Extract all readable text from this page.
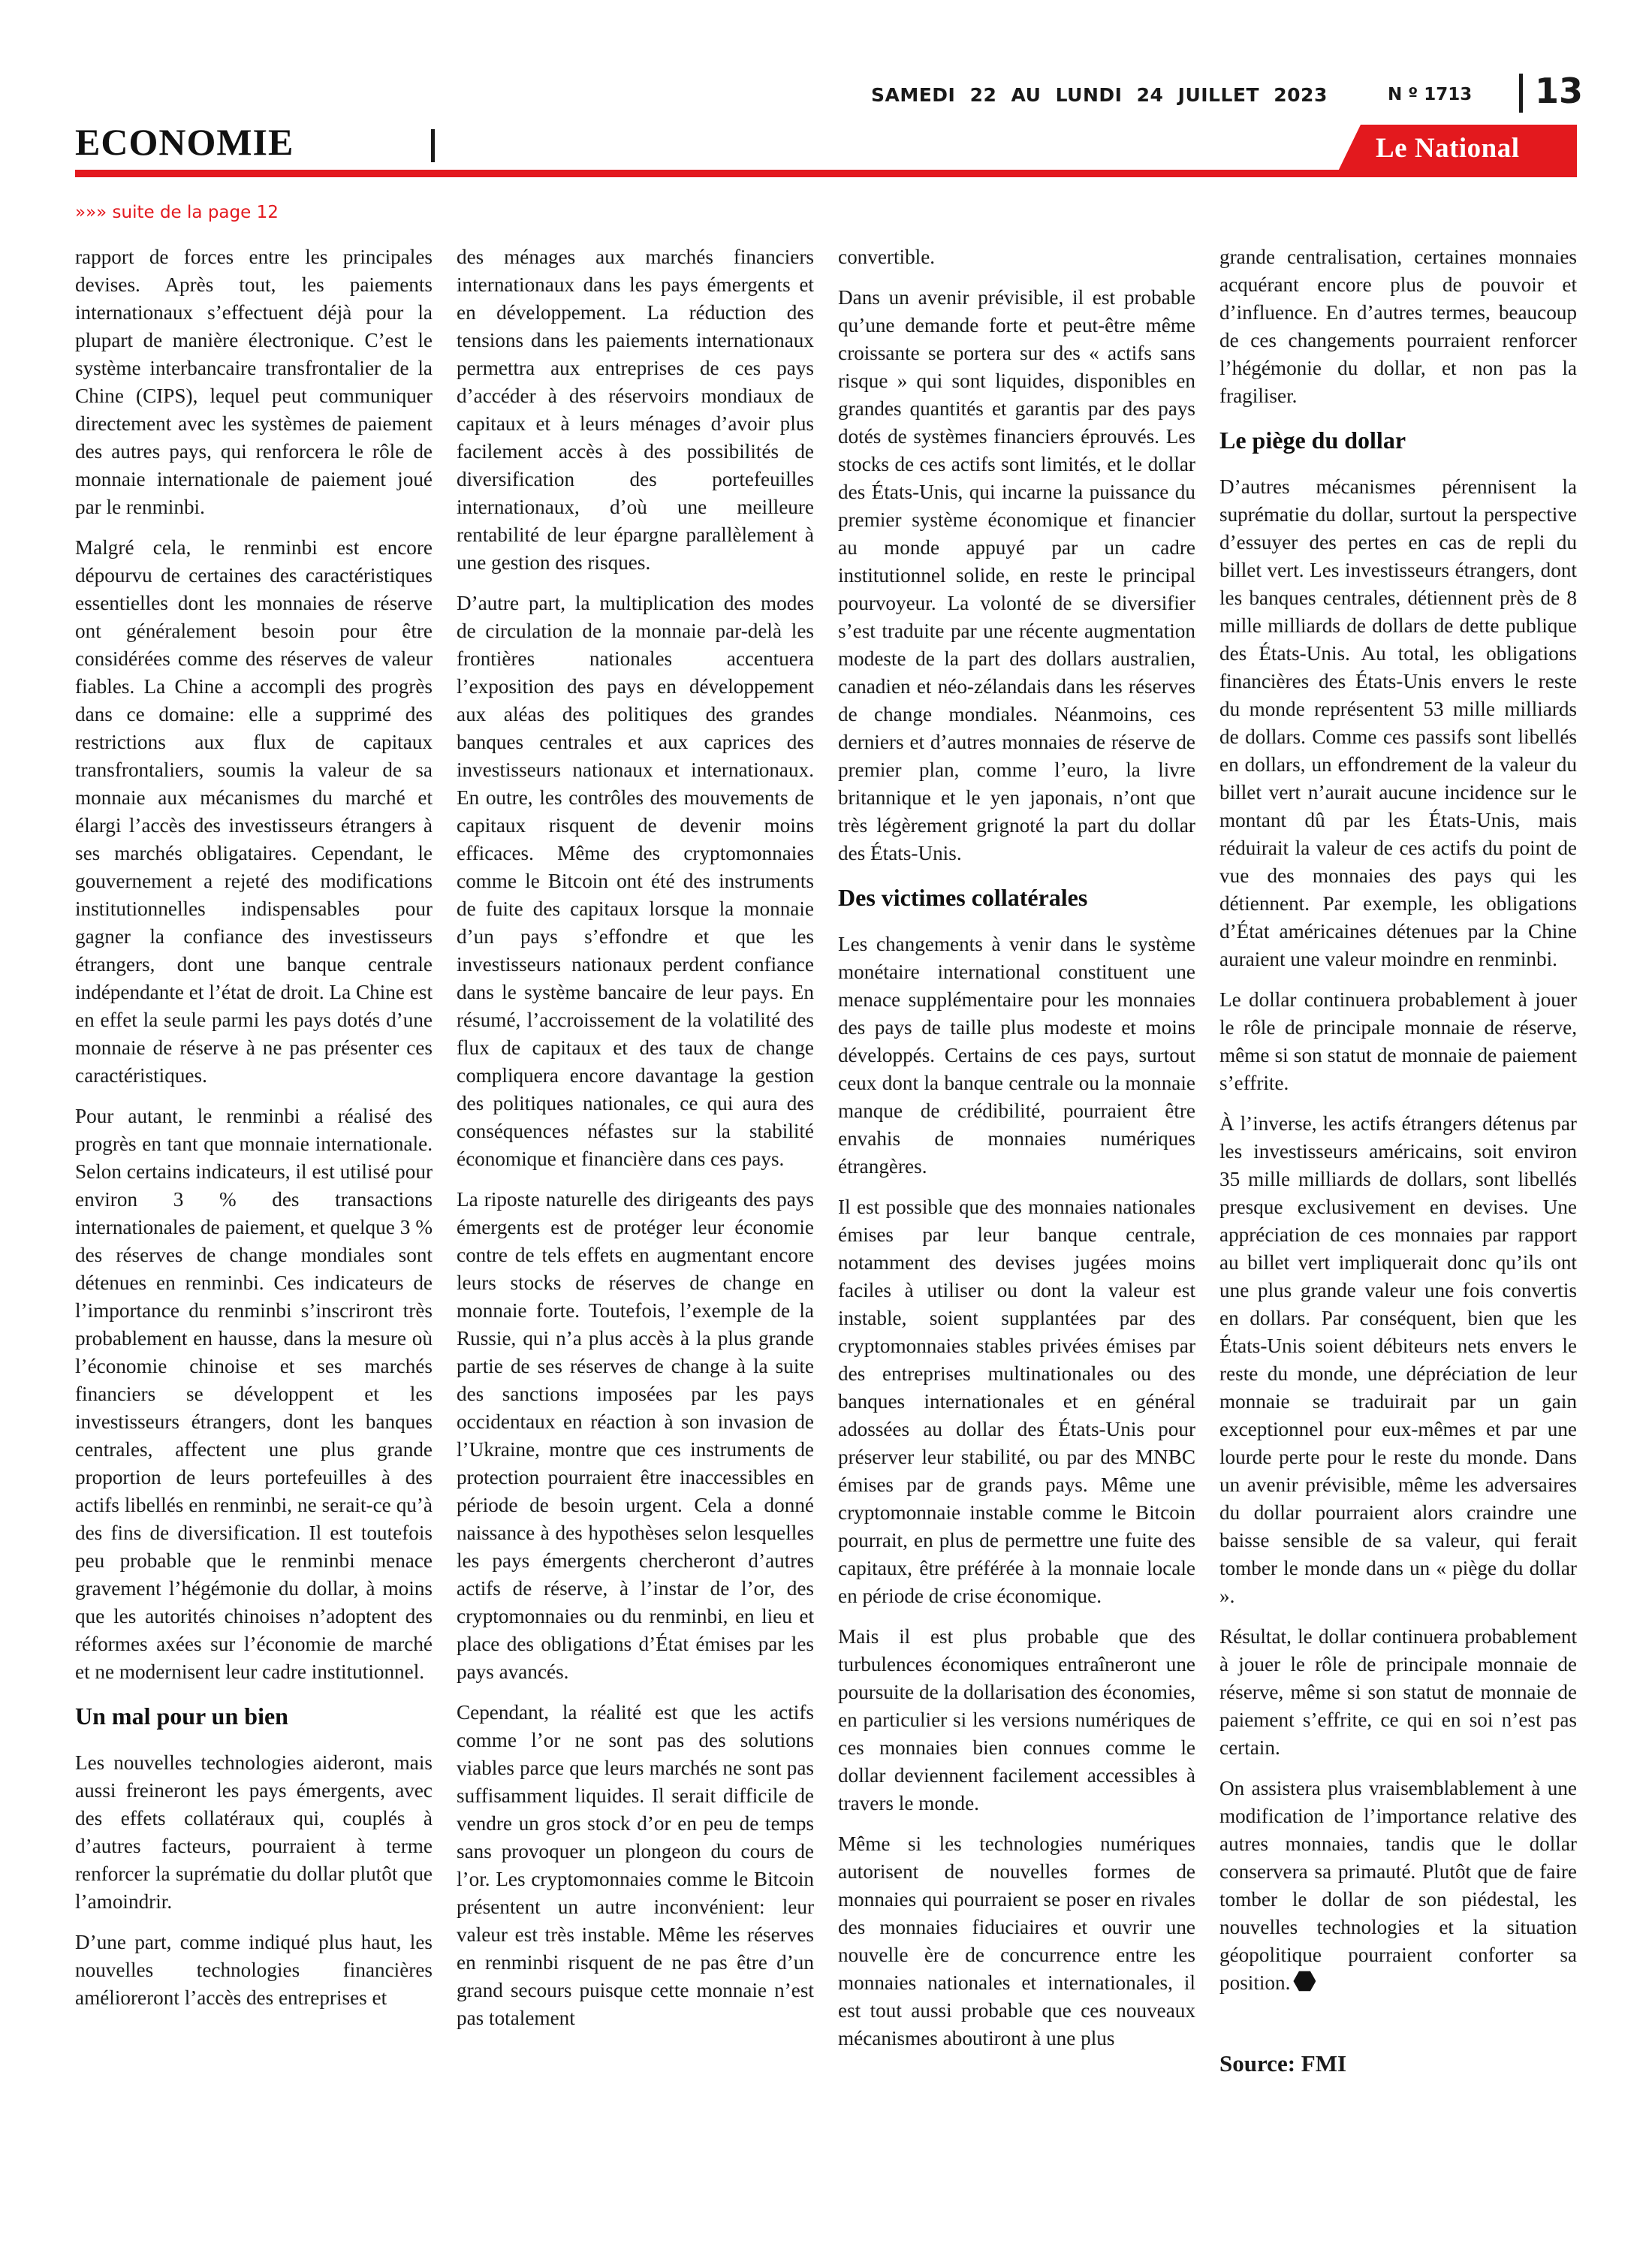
SAMEDI 22 AU LUNDI 24 JUILLET 2023	N º 1713 13
ECONOMIE	Le National
»»» suite de la page 12

rapport de forces entre les principales devises. Après tout, les paiements internationaux s’effectuent déjà pour la plupart de manière électronique. C’est le système interbancaire transfrontalier de la Chine (CIPS), lequel peut communiquer directement avec les systèmes de paiement des autres pays, qui renforcera le rôle de monnaie internationale de paiement joué par le renminbi.

Malgré cela, le renminbi est encore dépourvu de certaines des caractéristiques essentielles dont les monnaies de réserve ont généralement besoin pour être considérées comme des réserves de valeur fiables. La Chine a accompli des progrès dans ce domaine: elle a supprimé des restrictions aux flux de capitaux transfrontaliers, soumis la valeur de sa monnaie aux mécanismes du marché et élargi l’accès des investisseurs étrangers à ses marchés obligataires. Cependant, le gouvernement a rejeté des modifications institutionnelles indispensables pour gagner la confiance des investisseurs étrangers, dont une banque centrale indépendante et l’état de droit. La Chine est en effet la seule parmi les pays dotés d’une monnaie de réserve à ne pas présenter ces caractéristiques.

Pour autant, le renminbi a réalisé des progrès en tant que monnaie internationale. Selon certains indicateurs, il est utilisé pour environ 3 % des transactions internationales de paiement, et quelque 3 % des réserves de change mondiales sont détenues en renminbi. Ces indicateurs de l’importance du renminbi s’inscriront très probablement en hausse, dans la mesure où l’économie chinoise et ses marchés financiers se développent et les investisseurs étrangers, dont les banques centrales, affectent une plus grande proportion de leurs portefeuilles à des actifs libellés en renminbi, ne serait-ce qu’à des fins de diversification. Il est toutefois peu probable que le renminbi menace gravement l’hégémonie du dollar, à moins que les autorités chinoises n’adoptent des réformes axées sur l’économie de marché et ne modernisent leur cadre institutionnel.

Un mal pour un bien

Les nouvelles technologies aideront, mais aussi freineront les pays émergents, avec des effets collatéraux qui, couplés à d’autres facteurs, pourraient à terme renforcer la suprématie du dollar plutôt que l’amoindrir.

D’une part, comme indiqué plus haut, les nouvelles technologies financières amélioreront l’accès des entreprises et

des ménages aux marchés financiers internationaux dans les pays émergents et en développement. La réduction des tensions dans les paiements internationaux permettra aux entreprises de ces pays d’accéder à des réservoirs mondiaux de capitaux et à leurs ménages d’avoir plus facilement accès à des possibilités de diversification des portefeuilles internationaux, d’où une meilleure rentabilité de leur épargne parallèlement à une gestion des risques.

D’autre part, la multiplication des modes de circulation de la monnaie par-delà les frontières nationales accentuera l’exposition des pays en développement aux aléas des politiques des grandes banques centrales et aux caprices des investisseurs nationaux et internationaux. En outre, les contrôles des mouvements de capitaux risquent de devenir moins efficaces. Même des cryptomonnaies comme le Bitcoin ont été des instruments de fuite des capitaux lorsque la monnaie d’un pays s’effondre et que les investisseurs nationaux perdent confiance dans le système bancaire de leur pays. En résumé, l’accroissement de la volatilité des flux de capitaux et des taux de change compliquera encore davantage la gestion des politiques nationales, ce qui aura des conséquences néfastes sur la stabilité économique et financière dans ces pays.

La riposte naturelle des dirigeants des pays émergents est de protéger leur économie contre de tels effets en augmentant encore leurs stocks de réserves de change en monnaie forte. Toutefois, l’exemple de la Russie, qui n’a plus accès à la plus grande partie de ses réserves de change à la suite des sanctions imposées par les pays occidentaux en réaction à son invasion de l’Ukraine, montre que ces instruments de protection pourraient être inaccessibles en période de besoin urgent. Cela a donné naissance à des hypothèses selon lesquelles les pays émergents chercheront d’autres actifs de réserve, à l’instar de l’or, des cryptomonnaies ou du renminbi, en lieu et place des obligations d’État émises par les pays avancés.

Cependant, la réalité est que les actifs comme l’or ne sont pas des solutions viables parce que leurs marchés ne sont pas suffisamment liquides. Il serait difficile de vendre un gros stock d’or en peu de temps sans provoquer un plongeon du cours de l’or. Les cryptomonnaies comme le Bitcoin présentent un autre inconvénient: leur valeur est très instable. Même les réserves en renminbi risquent de ne pas être d’un grand secours puisque cette monnaie n’est pas totalement

convertible.

Dans un avenir prévisible, il est probable qu’une demande forte et peut-être même croissante se portera sur des « actifs sans risque » qui sont liquides, disponibles en grandes quantités et garantis par des pays dotés de systèmes financiers éprouvés. Les stocks de ces actifs sont limités, et le dollar des États-Unis, qui incarne la puissance du premier système économique et financier au monde appuyé par un cadre institutionnel solide, en reste le principal pourvoyeur. La volonté de se diversifier s’est traduite par une récente augmentation modeste de la part des dollars australien, canadien et néo-zélandais dans les réserves de change mondiales. Néanmoins, ces derniers et d’autres monnaies de réserve de premier plan, comme l’euro, la livre britannique et le yen japonais, n’ont que très légèrement grignoté la part du dollar des États-Unis.

Des victimes collatérales

Les changements à venir dans le système monétaire international constituent une menace supplémentaire pour les monnaies des pays de taille plus modeste et moins développés. Certains de ces pays, surtout ceux dont la banque centrale ou la monnaie manque de crédibilité, pourraient être envahis de monnaies numériques étrangères.

Il est possible que des monnaies nationales émises par leur banque centrale, notamment des devises jugées moins faciles à utiliser ou dont la valeur est instable, soient supplantées par des cryptomonnaies stables privées émises par des entreprises multinationales ou des banques internationales et en général adossées au dollar des États-Unis pour préserver leur stabilité, ou par des MNBC émises par de grands pays. Même une cryptomonnaie instable comme le Bitcoin pourrait, en plus de permettre une fuite des capitaux, être préférée à la monnaie locale en période de crise économique.

Mais il est plus probable que des turbulences économiques entraîneront une poursuite de la dollarisation des économies, en particulier si les versions numériques de ces monnaies bien connues comme le dollar deviennent facilement accessibles à travers le monde.

Même si les technologies numériques autorisent de nouvelles formes de monnaies qui pourraient se poser en rivales des monnaies fiduciaires et ouvrir une nouvelle ère de concurrence entre les monnaies nationales et internationales, il est tout aussi probable que ces nouveaux mécanismes aboutiront à une plus

grande centralisation, certaines monnaies acquérant encore plus de pouvoir et d’influence. En d’autres termes, beaucoup de ces changements pourraient renforcer l’hégémonie du dollar, et non pas la fragiliser.

Le piège du dollar

D’autres mécanismes pérennisent la suprématie du dollar, surtout la perspective d’essuyer des pertes en cas de repli du billet vert. Les investisseurs étrangers, dont les banques centrales, détiennent près de 8 mille milliards de dollars de dette publique des États-Unis. Au total, les obligations financières des États-Unis envers le reste du monde représentent 53 mille milliards de dollars. Comme ces passifs sont libellés en dollars, un effondrement de la valeur du billet vert n’aurait aucune incidence sur le montant dû par les États-Unis, mais réduirait la valeur de ces actifs du point de vue des monnaies des pays qui les détiennent. Par exemple, les obligations d’État américaines détenues par la Chine auraient une valeur moindre en renminbi.

Le dollar continuera probablement à jouer le rôle de principale monnaie de réserve, même si son statut de monnaie de paiement s’effrite.

À l’inverse, les actifs étrangers détenus par les investisseurs américains, soit environ 35 mille milliards de dollars, sont libellés presque exclusivement en devises. Une appréciation de ces monnaies par rapport au billet vert impliquerait donc qu’ils ont une plus grande valeur une fois convertis en dollars. Par conséquent, bien que les États-Unis soient débiteurs nets envers le reste du monde, une dépréciation de leur monnaie se traduirait par un gain exceptionnel pour eux-mêmes et par une lourde perte pour le reste du monde. Dans un avenir prévisible, même les adversaires du dollar pourraient alors craindre une baisse sensible de sa valeur, qui ferait tomber le monde dans un « piège du dollar ».

Résultat, le dollar continuera probablement à jouer le rôle de principale monnaie de réserve, même si son statut de monnaie de paiement s’effrite, ce qui en soi n’est pas certain.

On assistera plus vraisemblablement à une modification de l’importance relative des autres monnaies, tandis que le dollar conservera sa primauté. Plutôt que de faire tomber le dollar de son piédestal, les nouvelles technologies et la situation géopolitique pourraient conforter sa position.

Source: FMI
